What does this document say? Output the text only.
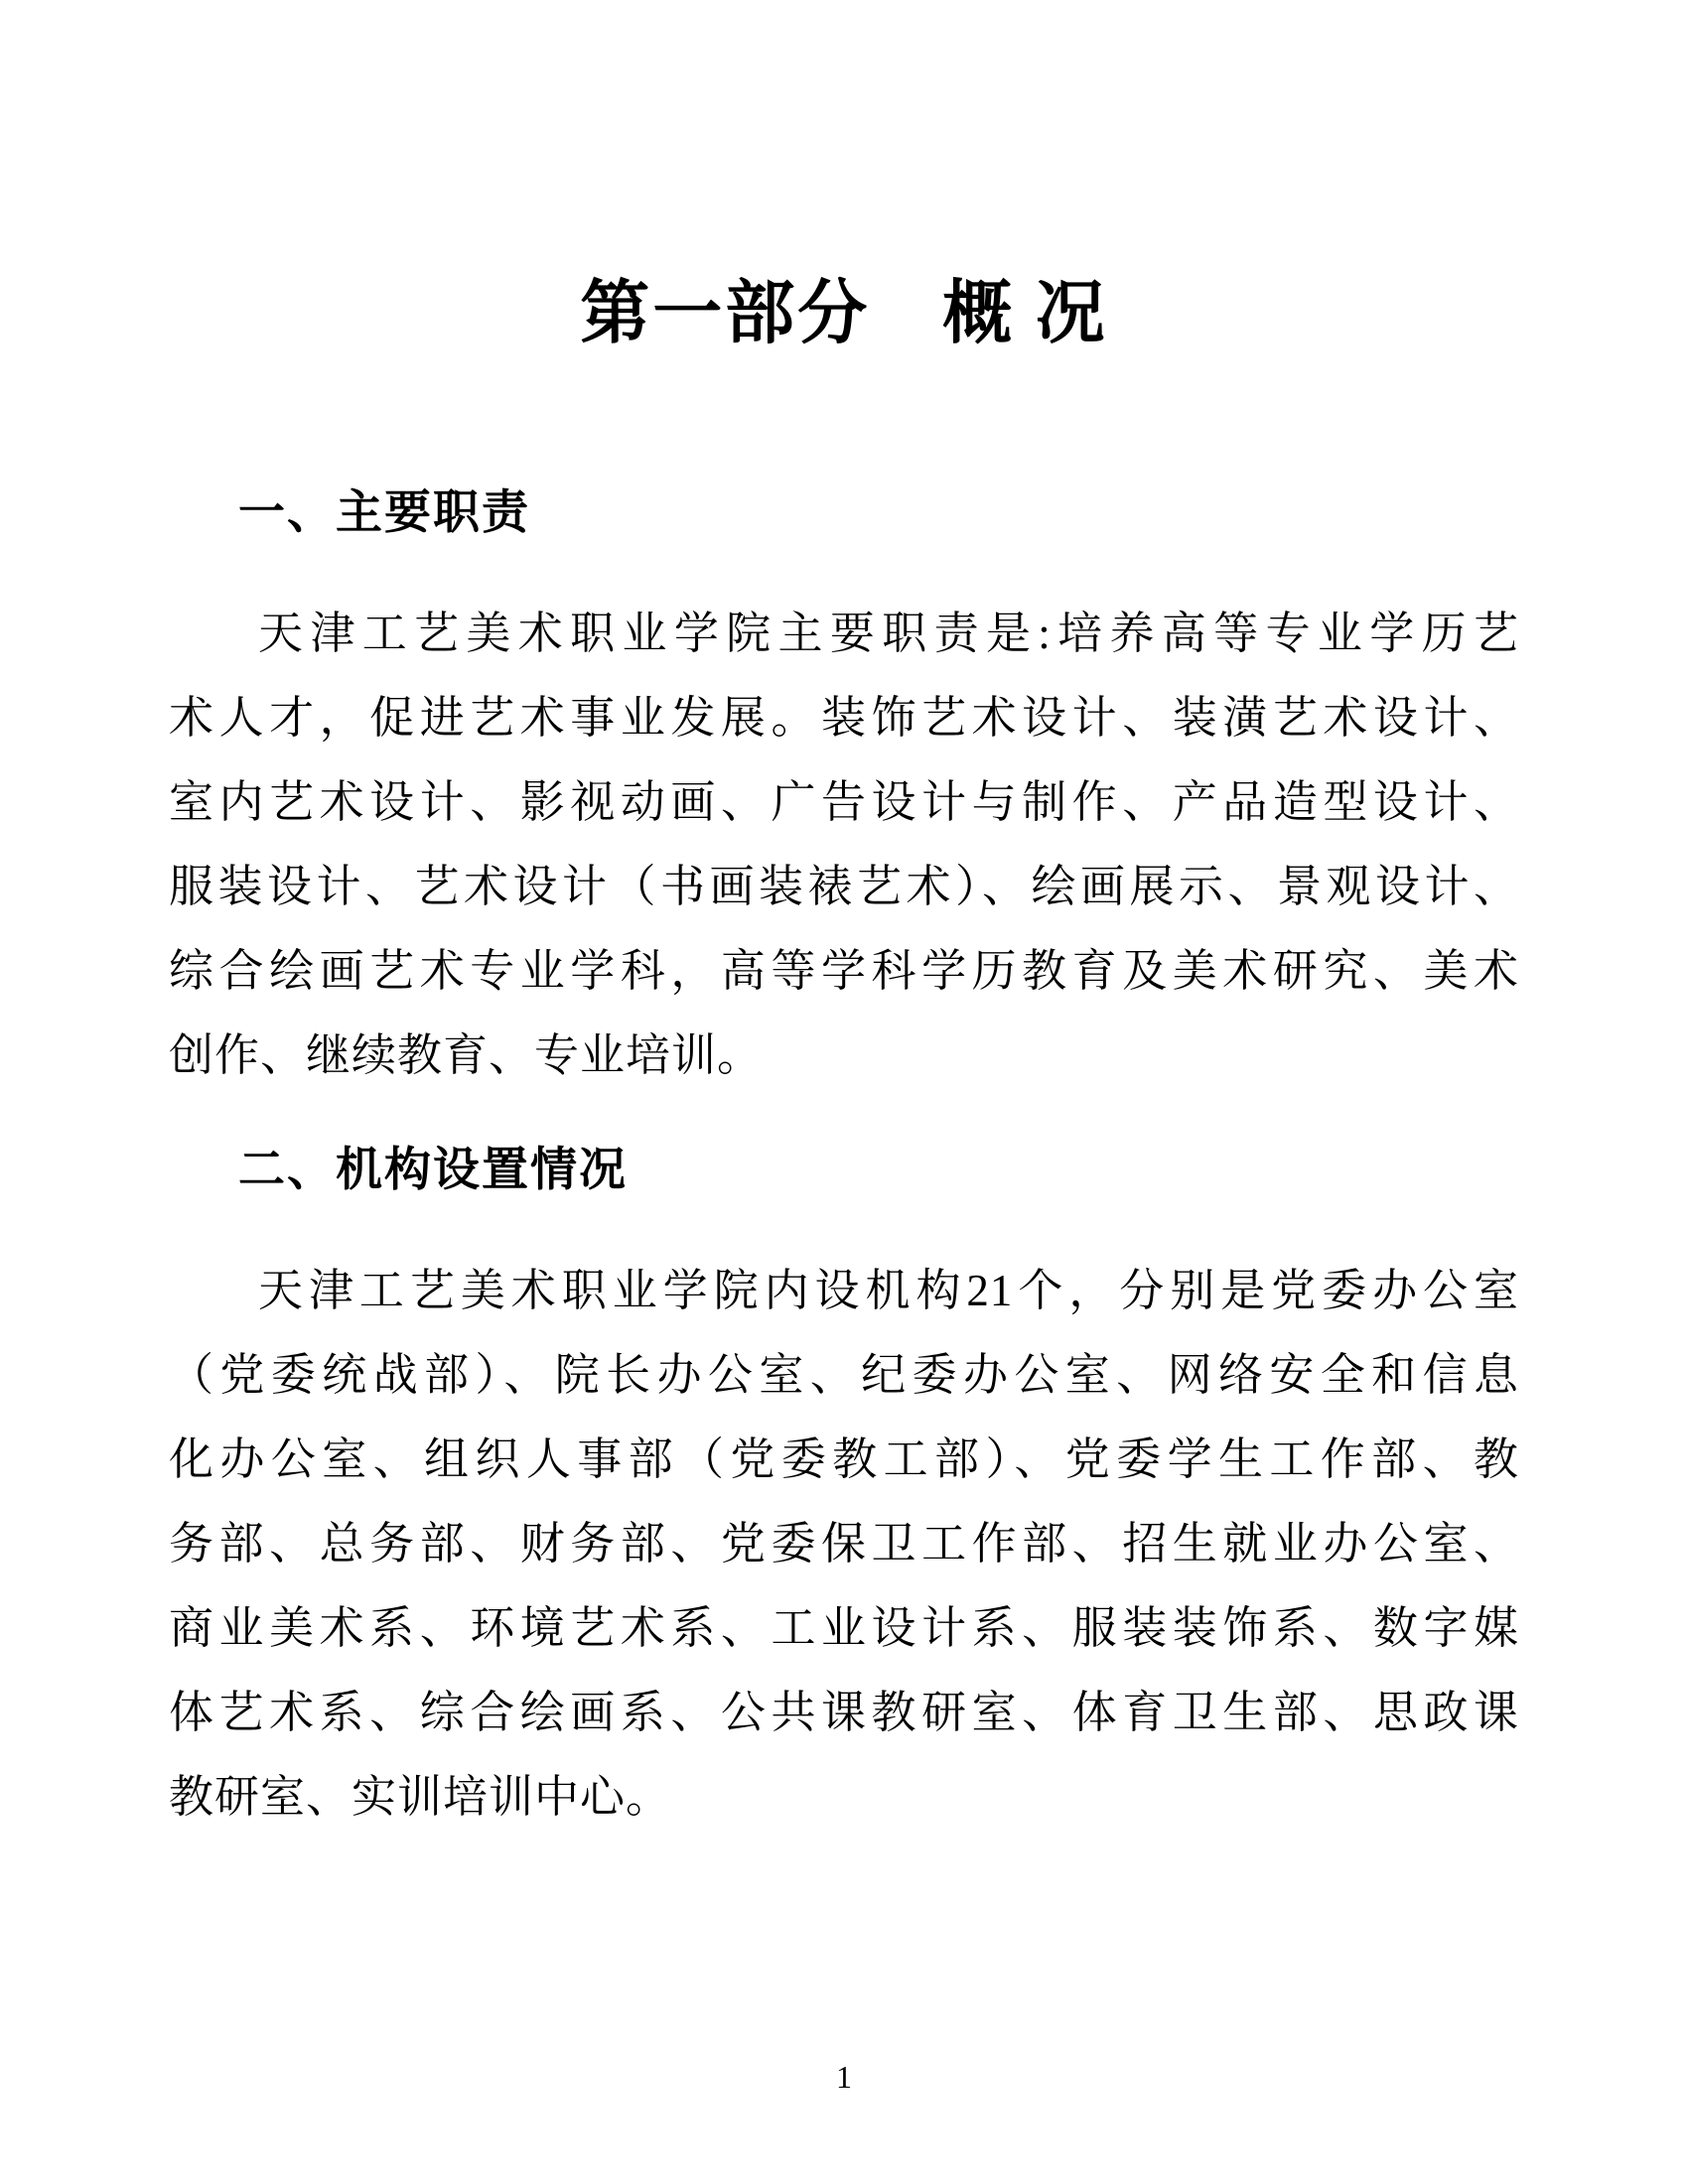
第一部分　概 况
一、主要职责
天津工艺美术职业学院主要职责是:培养高等专业学历艺
术人才，促进艺术事业发展。装饰艺术设计、装潢艺术设计、
室内艺术设计、影视动画、广告设计与制作、产品造型设计、
服装设计、艺术设计（书画装裱艺术）、绘画展示、景观设计、
综合绘画艺术专业学科，高等学科学历教育及美术研究、美术
创作、继续教育、专业培训。
二、机构设置情况
天津工艺美术职业学院内设机构21个，分别是党委办公室
（党委统战部）、院长办公室、纪委办公室、网络安全和信息
化办公室、组织人事部（党委教工部）、党委学生工作部、教
务部、总务部、财务部、党委保卫工作部、招生就业办公室、
商业美术系、环境艺术系、工业设计系、服装装饰系、数字媒
体艺术系、综合绘画系、公共课教研室、体育卫生部、思政课
教研室、实训培训中心。
1
